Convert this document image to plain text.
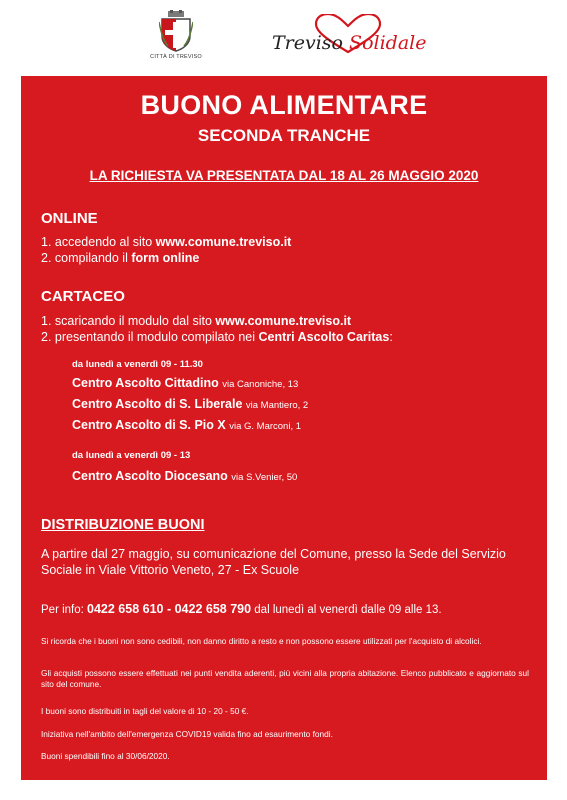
CITTÀ DI TREVISO
Treviso Solidale
BUONO ALIMENTARE
SECONDA TRANCHE
LA RICHIESTA VA PRESENTATA DAL 18 AL 26 MAGGIO 2020
ONLINE
1. accedendo al sito www.comune.treviso.it
2. compilando il form online
CARTACEO
1. scaricando il modulo dal sito www.comune.treviso.it
2. presentando il modulo compilato nei Centri Ascolto Caritas:
da lunedì a venerdì 09 - 11.30
Centro Ascolto Cittadino via Canoniche, 13
Centro Ascolto di S. Liberale via Mantiero, 2
Centro Ascolto di S. Pio X via G. Marconi, 1
da lunedì a venerdì 09 - 13
Centro Ascolto Diocesano via S.Venier, 50
DISTRIBUZIONE BUONI
A partire dal 27 maggio, su comunicazione del Comune, presso la Sede del Servizio Sociale in Viale Vittorio Veneto, 27 - Ex Scuole
Per info: 0422 658 610 - 0422 658 790 dal lunedì al venerdì dalle 09 alle 13.
Si ricorda che i buoni non sono cedibili, non danno diritto a resto e non possono essere utilizzati per l'acquisto di alcolici.
Gli acquisti possono essere effettuati nei punti vendita aderenti, più vicini alla propria abitazione. Elenco pubblicato e aggiornato sul sito del comune.
I buoni sono distribuiti in tagli del valore di 10 - 20 - 50 €.
Iniziativa nell'ambito dell'emergenza COVID19 valida fino ad esaurimento fondi.
Buoni spendibili fino al 30/06/2020.
